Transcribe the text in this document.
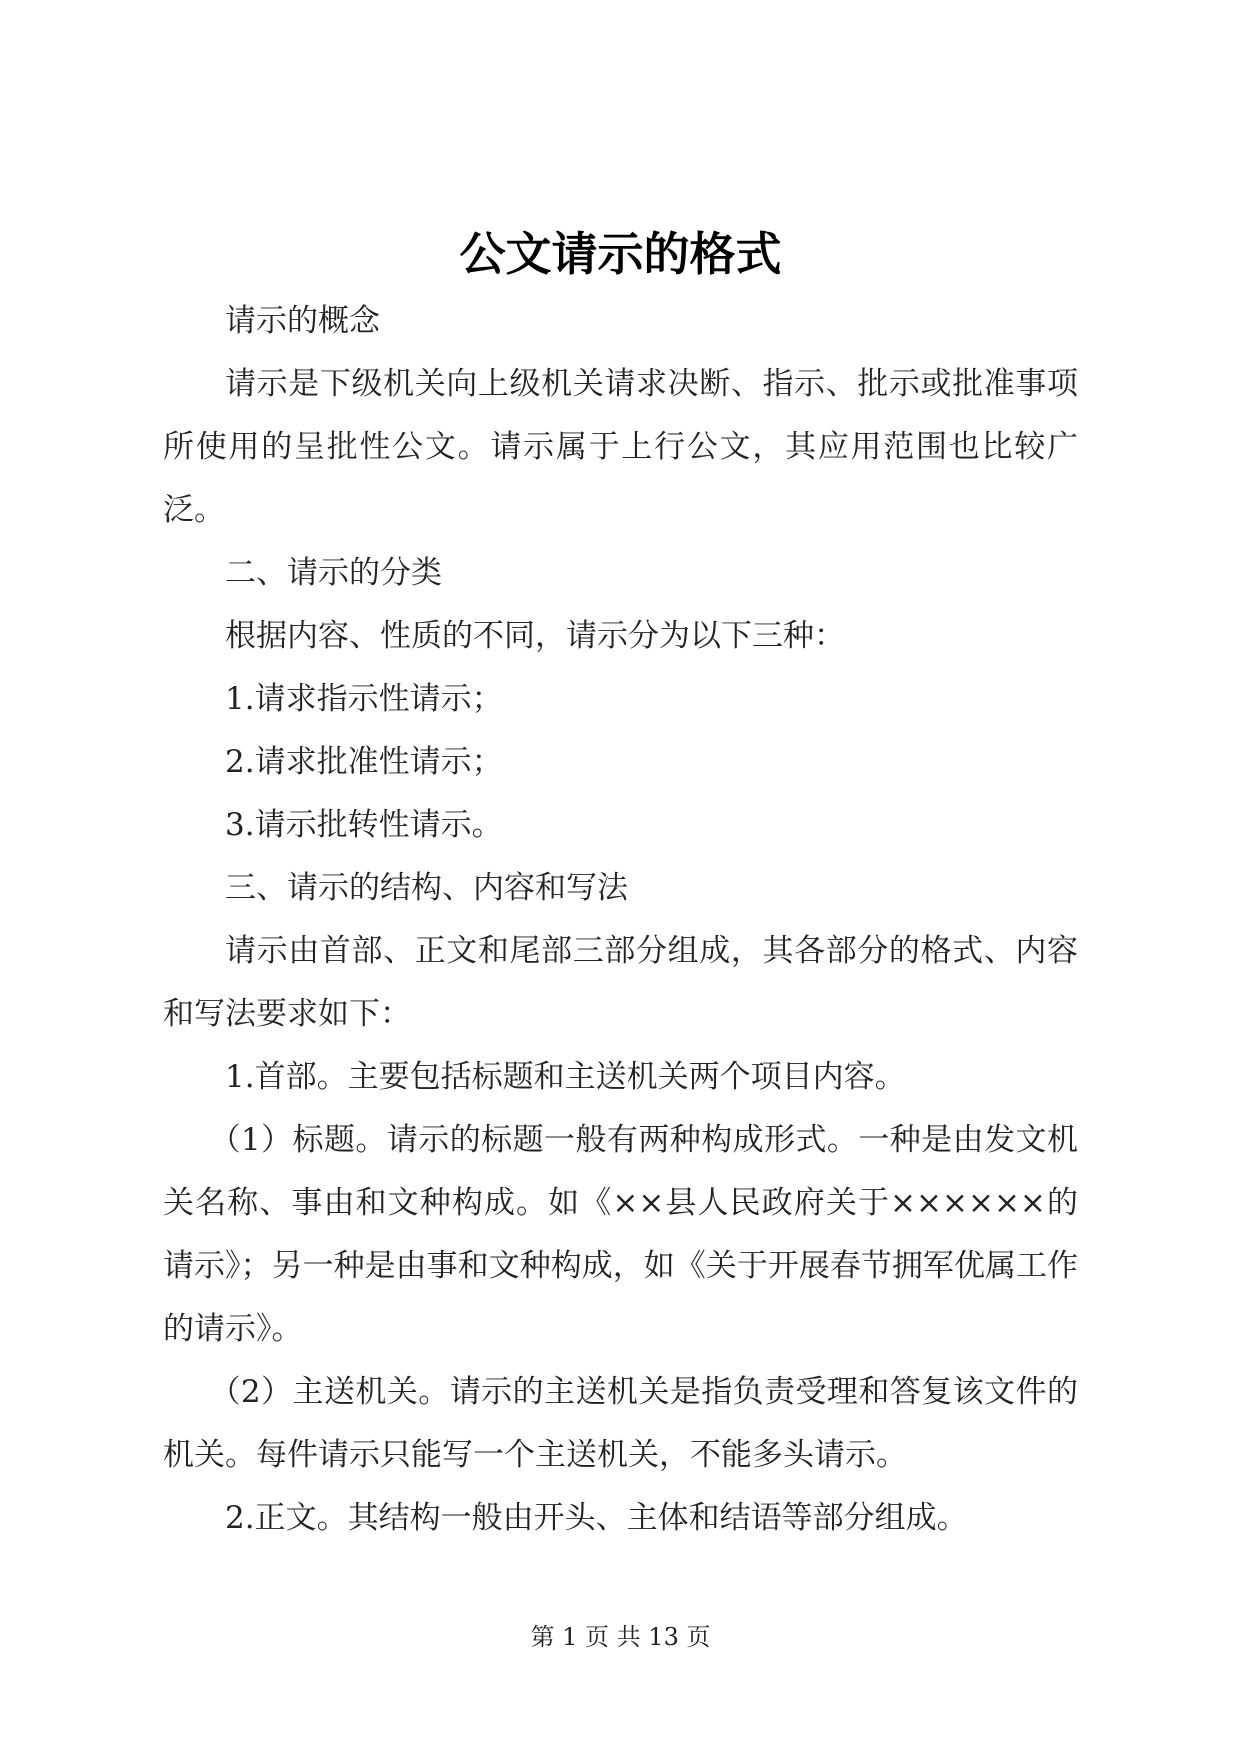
公文请示的格式

请示的概念

请示是下级机关向上级机关请求决断、指示、批示或批准事项所使用的呈批性公文。请示属于上行公文，其应用范围也比较广泛。

二、请示的分类

根据内容、性质的不同，请示分为以下三种：

1.请求指示性请示；

2.请求批准性请示；

3.请示批转性请示。

三、请示的结构、内容和写法

请示由首部、正文和尾部三部分组成，其各部分的格式、内容和写法要求如下：

1.首部。主要包括标题和主送机关两个项目内容。

（1）标题。请示的标题一般有两种构成形式。一种是由发文机关名称、事由和文种构成。如《××县人民政府关于××××××的请示》；另一种是由事和文种构成，如《关于开展春节拥军优属工作的请示》。

（2）主送机关。请示的主送机关是指负责受理和答复该文件的机关。每件请示只能写一个主送机关，不能多头请示。

2.正文。其结构一般由开头、主体和结语等部分组成。

第 1 页 共 13 页
